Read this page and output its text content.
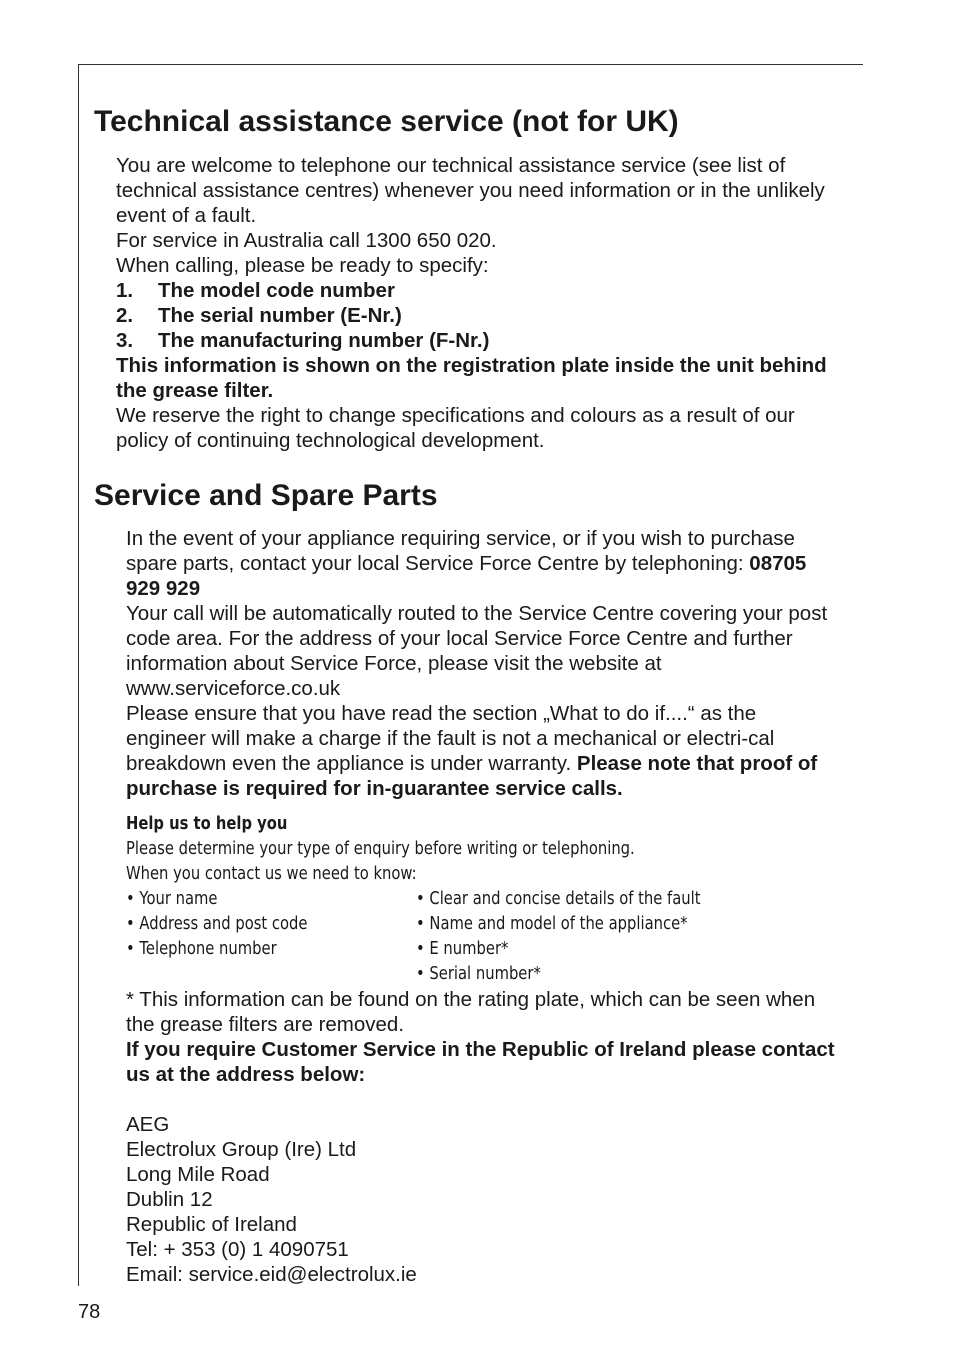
Technical assistance service (not for UK)

You are welcome to telephone our technical assistance service (see list of technical assistance centres) whenever you need information or in the unlikely event of a fault.

For service in Australia call 1300 650 020.

When calling, please be ready to specify:

1.	The model code number
2.	The serial number (E-Nr.)
3.	The manufacturing number (F-Nr.)

This information is shown on the registration plate inside the unit behind the grease filter.

We reserve the right to change specifications and colours as a result of our policy of continuing technological development.

Service and Spare Parts

In the event of your appliance requiring service, or if you wish to purchase spare parts, contact your local Service Force Centre by telephoning: 08705 929 929

Your call will be automatically routed to the Service Centre covering your post code area. For the address of your local Service Force Centre and further information about Service Force, please visit the website at www.serviceforce.co.uk

Please ensure that you have read the section „What to do if....“ as the engineer will make a charge if the fault is not a mechanical or electri-cal breakdown even the appliance is under warranty. Please note that proof of purchase is required for in-guarantee service calls.

Help us to help you
Please determine your type of enquiry before writing or telephoning.
When you contact us we need to know:
• Your name
• Address and post code
• Telephone number
• Clear and concise details of the fault
• Name and model of the appliance*
• E number*
• Serial number*

* This information can be found on the rating plate, which can be seen when the grease filters are removed.

If you require Customer Service in the Republic of Ireland please contact us at the address below:

AEG

Electrolux Group (Ire) Ltd

Long Mile Road

Dublin 12

Republic of Ireland

Tel: + 353 (0) 1 4090751

Email: service.eid@electrolux.ie

78
